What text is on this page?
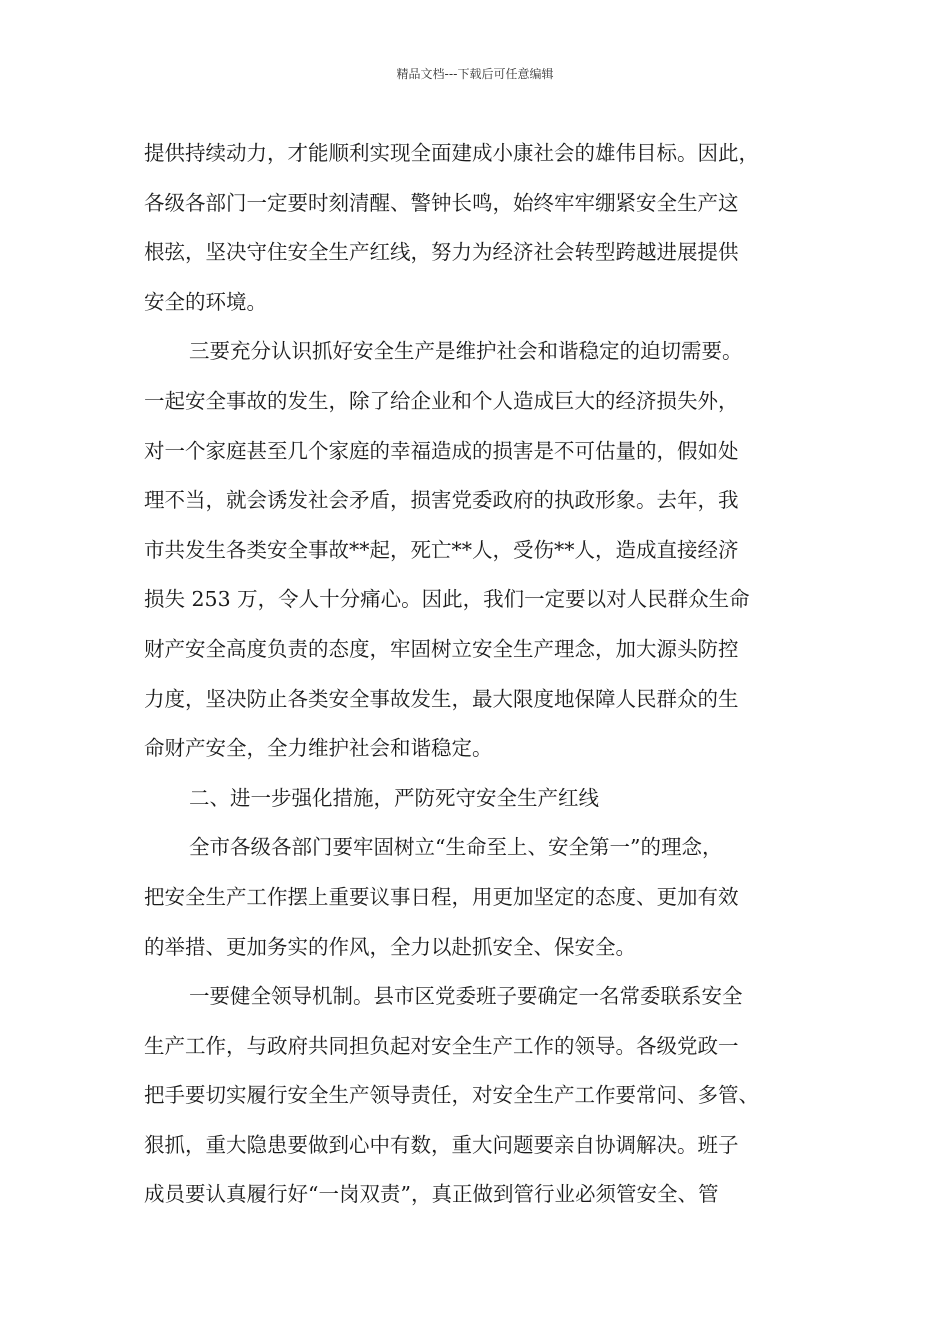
精品文档---下载后可任意编辑
提供持续动力，才能顺利实现全面建成小康社会的雄伟目标。因此，
各级各部门一定要时刻清醒、警钟长鸣，始终牢牢绷紧安全生产这
根弦，坚决守住安全生产红线，努力为经济社会转型跨越进展提供
安全的环境。
三要充分认识抓好安全生产是维护社会和谐稳定的迫切需要。
一起安全事故的发生，除了给企业和个人造成巨大的经济损失外，
对一个家庭甚至几个家庭的幸福造成的损害是不可估量的，假如处
理不当，就会诱发社会矛盾，损害党委政府的执政形象。去年，我
市共发生各类安全事故**起，死亡**人，受伤**人，造成直接经济
损失 253 万，令人十分痛心。因此，我们一定要以对人民群众生命
财产安全高度负责的态度，牢固树立安全生产理念，加大源头防控
力度，坚决防止各类安全事故发生，最大限度地保障人民群众的生
命财产安全，全力维护社会和谐稳定。
二、进一步强化措施，严防死守安全生产红线
全市各级各部门要牢固树立“生命至上、安全第一”的理念，
把安全生产工作摆上重要议事日程，用更加坚定的态度、更加有效
的举措、更加务实的作风，全力以赴抓安全、保安全。
一要健全领导机制。县市区党委班子要确定一名常委联系安全
生产工作，与政府共同担负起对安全生产工作的领导。各级党政一
把手要切实履行安全生产领导责任，对安全生产工作要常问、多管、
狠抓，重大隐患要做到心中有数，重大问题要亲自协调解决。班子
成员要认真履行好“一岗双责”，真正做到管行业必须管安全、管
